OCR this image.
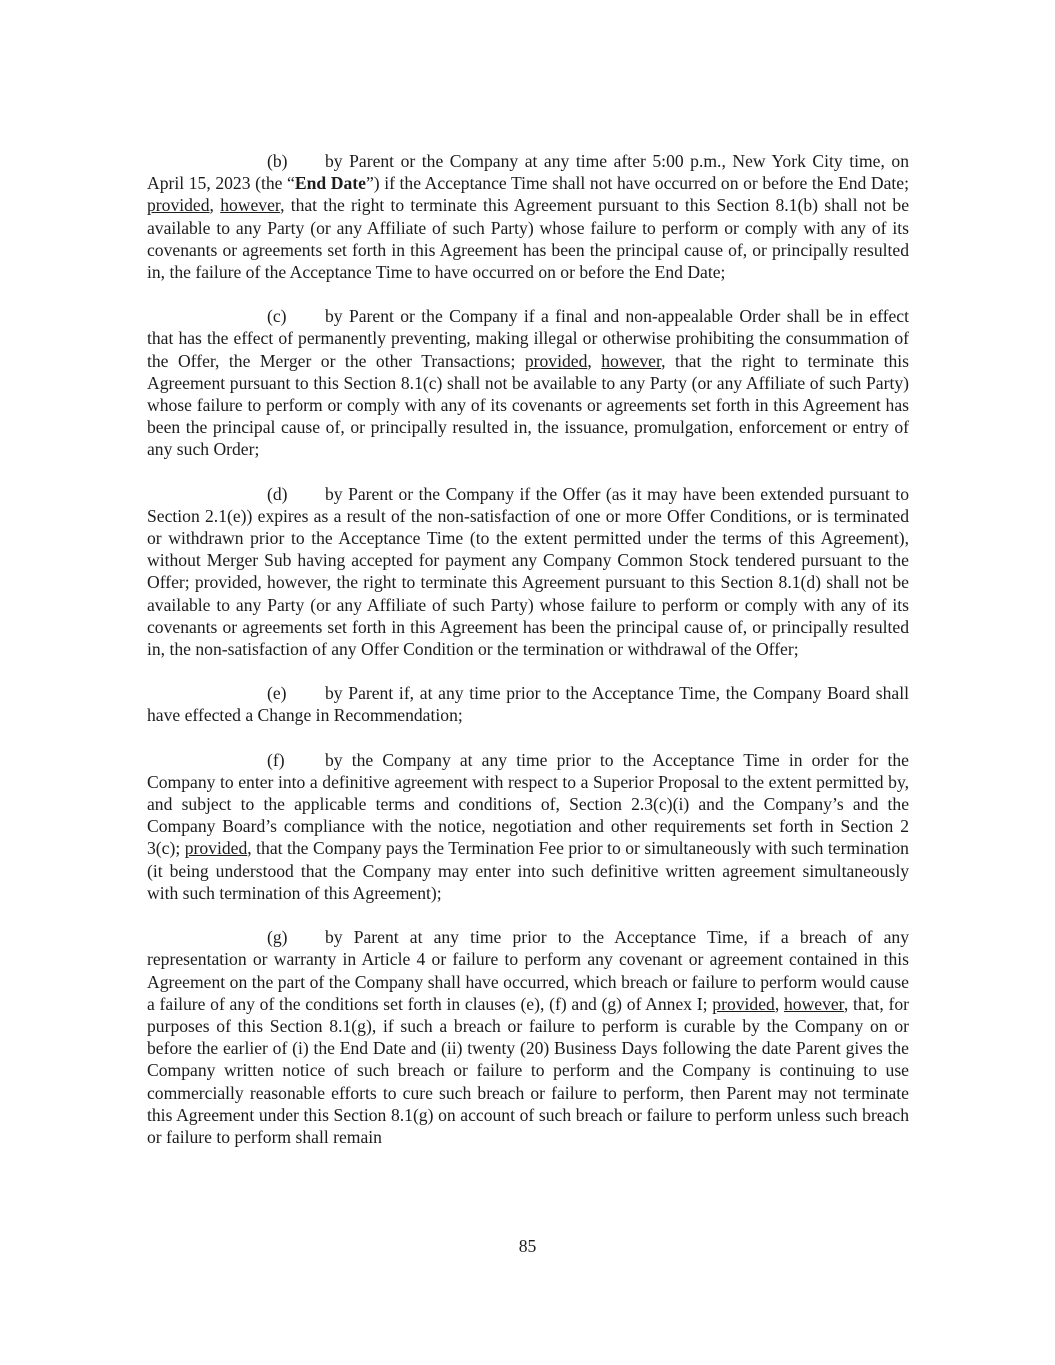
(b) by Parent or the Company at any time after 5:00 p.m., New York City time, on April 15, 2023 (the “End Date”) if the Acceptance Time shall not have occurred on or before the End Date; provided, however, that the right to terminate this Agreement pursuant to this Section 8.1(b) shall not be available to any Party (or any Affiliate of such Party) whose failure to perform or comply with any of its covenants or agreements set forth in this Agreement has been the principal cause of, or principally resulted in, the failure of the Acceptance Time to have occurred on or before the End Date;

(c) by Parent or the Company if a final and non-appealable Order shall be in effect that has the effect of permanently preventing, making illegal or otherwise prohibiting the consummation of the Offer, the Merger or the other Transactions; provided, however, that the right to terminate this Agreement pursuant to this Section 8.1(c) shall not be available to any Party (or any Affiliate of such Party) whose failure to perform or comply with any of its covenants or agreements set forth in this Agreement has been the principal cause of, or principally resulted in, the issuance, promulgation, enforcement or entry of any such Order;

(d) by Parent or the Company if the Offer (as it may have been extended pursuant to Section 2.1(e)) expires as a result of the non-satisfaction of one or more Offer Conditions, or is terminated or withdrawn prior to the Acceptance Time (to the extent permitted under the terms of this Agreement), without Merger Sub having accepted for payment any Company Common Stock tendered pursuant to the Offer; provided, however, the right to terminate this Agreement pursuant to this Section 8.1(d) shall not be available to any Party (or any Affiliate of such Party) whose failure to perform or comply with any of its covenants or agreements set forth in this Agreement has been the principal cause of, or principally resulted in, the non-satisfaction of any Offer Condition or the termination or withdrawal of the Offer;

(e) by Parent if, at any time prior to the Acceptance Time, the Company Board shall have effected a Change in Recommendation;

(f) by the Company at any time prior to the Acceptance Time in order for the Company to enter into a definitive agreement with respect to a Superior Proposal to the extent permitted by, and subject to the applicable terms and conditions of, Section 2.3(c)(i) and the Company’s and the Company Board’s compliance with the notice, negotiation and other requirements set forth in Section 2 3(c); provided, that the Company pays the Termination Fee prior to or simultaneously with such termination (it being understood that the Company may enter into such definitive written agreement simultaneously with such termination of this Agreement);

(g) by Parent at any time prior to the Acceptance Time, if a breach of any representation or warranty in Article 4 or failure to perform any covenant or agreement contained in this Agreement on the part of the Company shall have occurred, which breach or failure to perform would cause a failure of any of the conditions set forth in clauses (e), (f) and (g) of Annex I; provided, however, that, for purposes of this Section 8.1(g), if such a breach or failure to perform is curable by the Company on or before the earlier of (i) the End Date and (ii) twenty (20) Business Days following the date Parent gives the Company written notice of such breach or failure to perform and the Company is continuing to use commercially reasonable efforts to cure such breach or failure to perform, then Parent may not terminate this Agreement under this Section 8.1(g) on account of such breach or failure to perform unless such breach or failure to perform shall remain

85
